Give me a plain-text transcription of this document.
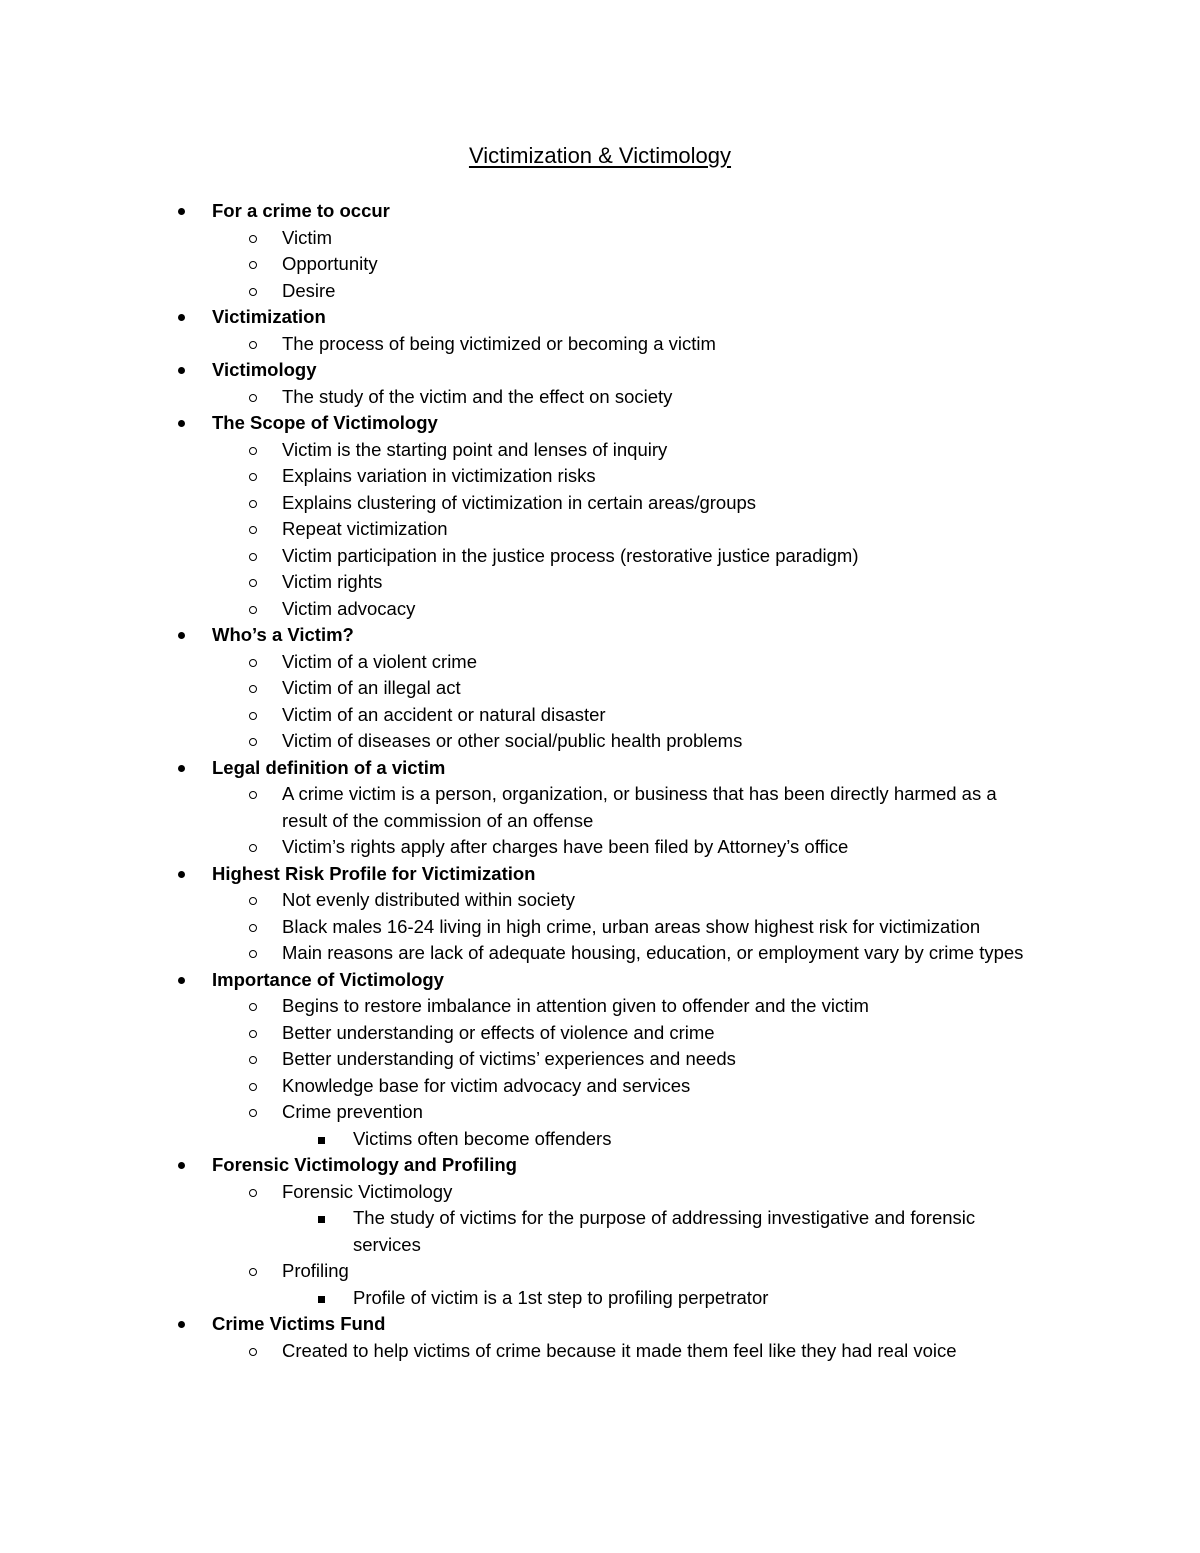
Victimization & Victimology
For a crime to occur
Victim
Opportunity
Desire
Victimization
The process of being victimized or becoming a victim
Victimology
The study of the victim and the effect on society
The Scope of Victimology
Victim is the starting point and lenses of inquiry
Explains variation in victimization risks
Explains clustering of victimization in certain areas/groups
Repeat victimization
Victim participation in the justice process (restorative justice paradigm)
Victim rights
Victim advocacy
Who’s a Victim?
Victim of a violent crime
Victim of an illegal act
Victim of an accident or natural disaster
Victim of diseases or other social/public health problems
Legal definition of a victim
A crime victim is a person, organization, or business that has been directly harmed as a result of the commission of an offense
Victim’s rights apply after charges have been filed by Attorney’s office
Highest Risk Profile for Victimization
Not evenly distributed within society
Black males 16-24 living in high crime, urban areas show highest risk for victimization
Main reasons are lack of adequate housing, education, or employment vary by crime types
Importance of Victimology
Begins to restore imbalance in attention given to offender and the victim
Better understanding or effects of violence and crime
Better understanding of victims’ experiences and needs
Knowledge base for victim advocacy and services
Crime prevention
Victims often become offenders
Forensic Victimology and Profiling
Forensic Victimology
The study of victims for the purpose of addressing investigative and forensic services
Profiling
Profile of victim is a 1st step to profiling perpetrator
Crime Victims Fund
Created to help victims of crime because it made them feel like they had real voice
